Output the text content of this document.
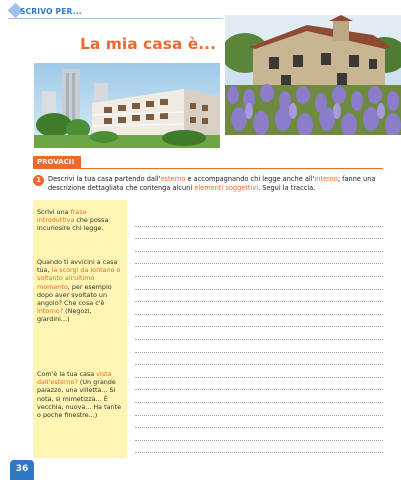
SCRIVO PER...
La mia casa è...
PROVACI!
1	Descrivi la tua casa partendo dall'esterno e accompagnando chi legge anche all'interno; fanne una descrizione dettagliata che contenga alcuni elementi soggettivi. Segui la traccia.
Scrivi una frase introduttiva che possa incuriosire chi legge.
Quando ti avvicini a casa tua, la scorgi da lontano o soltanto all'ultimo momento, per esempio dopo aver svoltato un angolo? Che cosa c'è intorno? (Negozi, giardini...)
Com'è la tua casa vista dall'esterno? (Un grande palazzo, una villetta... Si nota, si mimetizza... È vecchia, nuova... Ha tante o poche finestre...)
36
